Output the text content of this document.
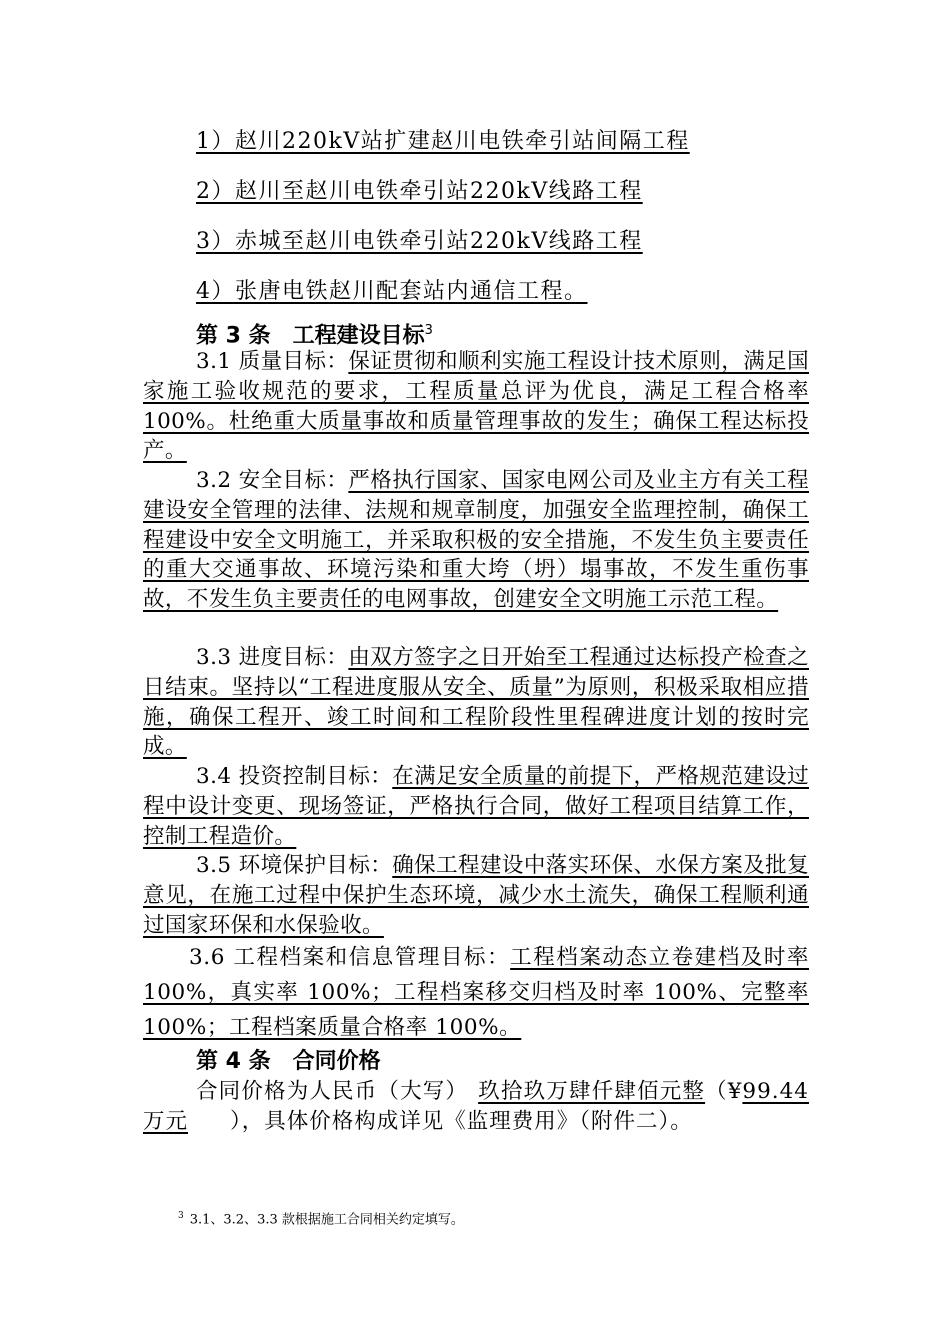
1）赵川220kV站扩建赵川电铁牵引站间隔工程
2）赵川至赵川电铁牵引站220kV线路工程
3）赤城至赵川电铁牵引站220kV线路工程
4）张唐电铁赵川配套站内通信工程。
第 3 条　工程建设目标$^3$
3.1 质量目标：保证贯彻和顺利实施工程设计技术原则，满足国家施工验收规范的要求，工程质量总评为优良，满足工程合格率 100%。杜绝重大质量事故和质量管理事故的发生；确保工程达标投产。
3.2 安全目标：严格执行国家、国家电网公司及业主方有关工程建设安全管理的法律、法规和规章制度，加强安全监理控制，确保工程建设中安全文明施工，并采取积极的安全措施，不发生负主要责任的重大交通事故、环境污染和重大垮（坍）塌事故，不发生重伤事故，不发生负主要责任的电网事故，创建安全文明施工示范工程。
3.3 进度目标：由双方签字之日开始至工程通过达标投产检查之日结束。坚持以“工程进度服从安全、质量”为原则，积极采取相应措施，确保工程开、竣工时间和工程阶段性里程碑进度计划的按时完成。
3.4 投资控制目标：在满足安全质量的前提下，严格规范建设过程中设计变更、现场签证，严格执行合同，做好工程项目结算工作，控制工程造价。
3.5 环境保护目标：确保工程建设中落实环保、水保方案及批复意见，在施工过程中保护生态环境，减少水土流失，确保工程顺利通过国家环保和水保验收。
3.6 工程档案和信息管理目标：工程档案动态立卷建档及时率 100%，真实率 100%；工程档案移交归档及时率 100%、完整率 100%；工程档案质量合格率 100%。
第 4 条　合同价格
合同价格为人民币（大写） 玖拾玖万肆仟肆佰元整（¥99.44 万元 ），具体价格构成详见《监理费用》（附件二）。
$^3$ 3.1、3.2、3.3 款根据施工合同相关约定填写。
